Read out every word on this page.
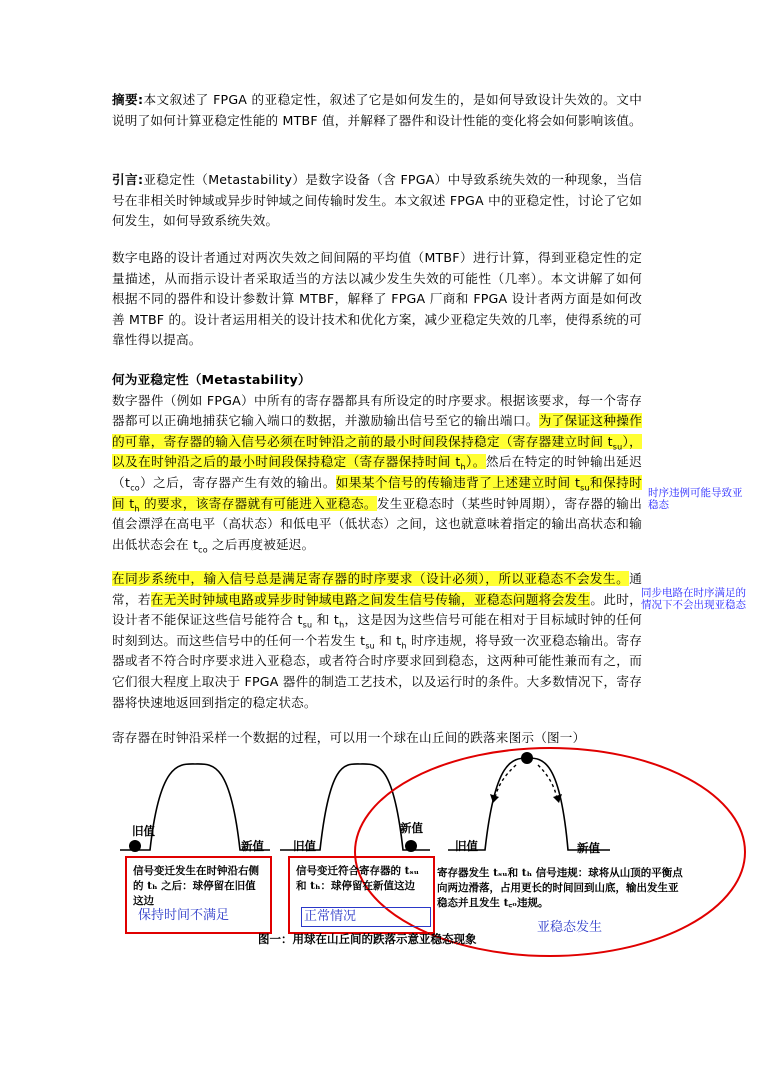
摘要:本文叙述了 FPGA 的亚稳定性，叙述了它是如何发生的，是如何导致设计失效的。文中说明了如何计算亚稳定性能的 MTBF 值，并解释了器件和设计性能的变化将会如何影响该值。
引言:亚稳定性（Metastability）是数字设备（含 FPGA）中导致系统失效的一种现象，当信号在非相关时钟域或异步时钟域之间传输时发生。本文叙述 FPGA 中的亚稳定性，讨论了它如何发生，如何导致系统失效。
数字电路的设计者通过对两次失效之间间隔的平均值（MTBF）进行计算，得到亚稳定性的定量描述，从而指示设计者采取适当的方法以减少发生失效的可能性（几率）。本文讲解了如何根据不同的器件和设计参数计算 MTBF，解释了 FPGA 厂商和 FPGA 设计者两方面是如何改善 MTBF 的。设计者运用相关的设计技术和优化方案，减少亚稳定失效的几率，使得系统的可靠性得以提高。
何为亚稳定性（Metastability）
数字器件（例如 FPGA）中所有的寄存器都具有所设定的时序要求。根据该要求，每一个寄存器都可以正确地捕获它输入端口的数据，并激励输出信号至它的输出端口。为了保证这种操作的可靠，寄存器的输入信号必须在时钟沿之前的最小时间段保持稳定（寄存器建立时间 $t_{su}$），以及在时钟沿之后的最小时间段保持稳定（寄存器保持时间 $t_h$）。然后在特定的时钟输出延迟$(t_{co})$之后，寄存器产生有效的输出。如果某个信号的传输违背了上述建立时间 $t_{su}$和保持时间 $t_h$ 的要求，该寄存器就有可能进入亚稳态。发生亚稳态时（某些时钟周期），寄存器的输出值会漂浮在高电平（高状态）和低电平（低状态）之间，这也就意味着指定的输出高状态和输出低状态会在 $t_{co}$ 之后再度被延迟。
在同步系统中，输入信号总是满足寄存器的时序要求（设计必须），所以亚稳态不会发生。通常，若在无关时钟域电路或异步时钟域电路之间发生信号传输，亚稳态问题将会发生。此时，设计者不能保证这些信号能符合 $t_{su}$ 和 $t_h$，这是因为这些信号可能在相对于目标域时钟的任何时刻到达。而这些信号中的任何一个若发生 $t_{su}$ 和 $t_h$ 时序违规，将导致一次亚稳态输出。寄存器或者不符合时序要求进入亚稳态，或者符合时序要求回到稳态，这两种可能性兼而有之，而它们很大程度上取决于 FPGA 器件的制造工艺技术，以及运行时的条件。大多数情况下，寄存器将快速地返回到指定的稳定状态。
寄存器在时钟沿采样一个数据的过程，可以用一个球在山丘间的跌落来图示（图一）
时序违例可能导致亚稳态
同步电路在时序满足的情况下不会出现亚稳态
旧值
新值	旧值
新值
旧值	新值
信号变迁发生在时钟沿右侧的 tₕ 之后：球停留在旧值这边
信号变迁符合寄存器的 tₛᵤ和 tₕ：球停留在新值这边
寄存器发生 tₛᵤ和 tₕ 信号违规：球将从山顶的平衡点向两边滑落，占用更长的时间回到山底，输出发生亚稳态并且发生 t꜀ₒ违规。
保持时间不满足	正常情况
亚稳态发生
图一：用球在山丘间的跌落示意亚稳态现象
